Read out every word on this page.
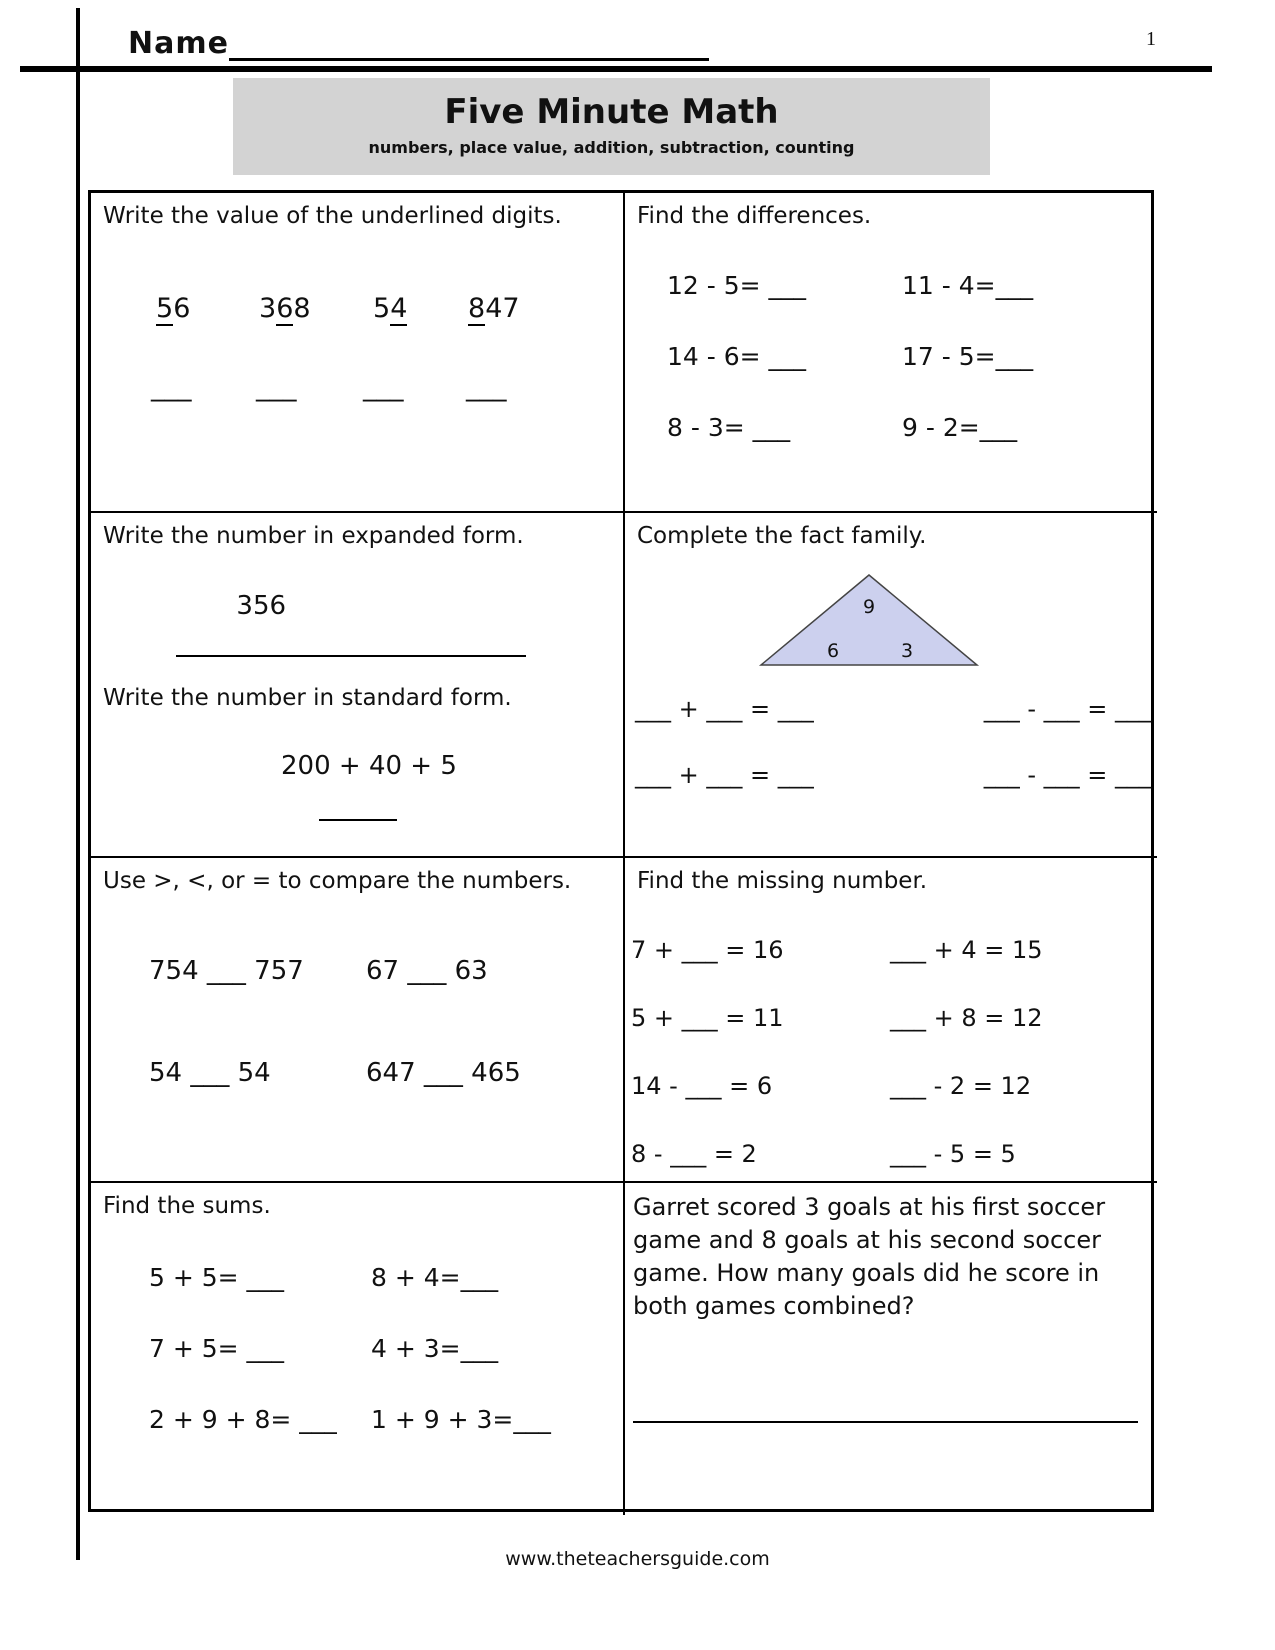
Name	1
Five Minute Math
numbers, place value, addition, subtraction, counting
Write the value of the underlined digits.
56	368 54 847
___ ___ ___ ___
Find the differences.
12 - 5= ___	11 - 4=___
14 - 6= ___	17 - 5=___
8 - 3= ___	9 - 2=___
Write the number in expanded form.
356
Write the number in standard form.
200 + 40 + 5
Complete the fact family.
9
6	3
___ + ___ = ___	___ - ___ = ___
___ + ___ = ___	___ - ___ = ___
Use >, <, or = to compare the numbers.
754 ___ 757	67 ___ 63
54 ___ 54	647 ___ 465
Find the missing number.
7 + ___ = 16	___ + 4 = 15
5 + ___ = 11	___ + 8 = 12
14 - ___ = 6	___ - 2 = 12
8 - ___ = 2	___ - 5 = 5
Find the sums.
5 + 5= ___	8 + 4=___
7 + 5= ___	4 + 3=___
2 + 9 + 8= ___	1 + 9 + 3=___
Garret scored 3 goals at his first soccer game and 8 goals at his second soccer game. How many goals did he score in both games combined?
www.theteachersguide.com
